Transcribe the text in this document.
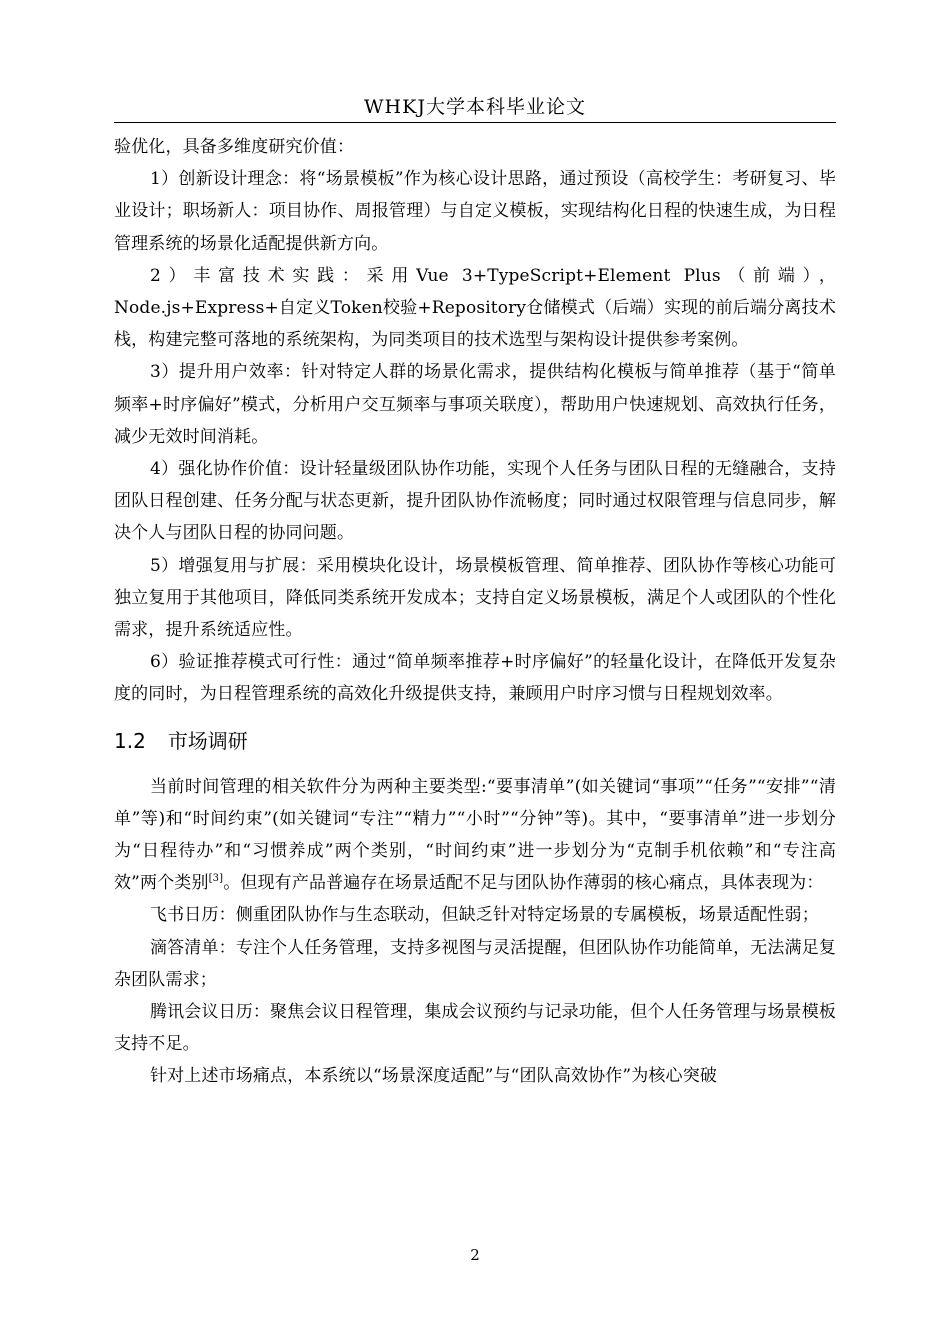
WHKJ大学本科毕业论文

验优化，具备多维度研究价值：

1）创新设计理念：将“场景模板”作为核心设计思路，通过预设（高校学生：考研复习、毕业设计；职场新人：项目协作、周报管理）与自定义模板，实现结构化日程的快速生成，为日程管理系统的场景化适配提供新方向。

2）丰富技术实践：采用Vue 3+TypeScript+Element Plus（前端），Node.js+Express+自定义Token校验+Repository仓储模式（后端）实现的前后端分离技术栈，构建完整可落地的系统架构，为同类项目的技术选型与架构设计提供参考案例。

3）提升用户效率：针对特定人群的场景化需求，提供结构化模板与简单推荐（基于“简单频率+时序偏好”模式，分析用户交互频率与事项关联度），帮助用户快速规划、高效执行任务，减少无效时间消耗。

4）强化协作价值：设计轻量级团队协作功能，实现个人任务与团队日程的无缝融合，支持团队日程创建、任务分配与状态更新，提升团队协作流畅度；同时通过权限管理与信息同步，解决个人与团队日程的协同问题。

5）增强复用与扩展：采用模块化设计，场景模板管理、简单推荐、团队协作等核心功能可独立复用于其他项目，降低同类系统开发成本；支持自定义场景模板，满足个人或团队的个性化需求，提升系统适应性。

6）验证推荐模式可行性：通过“简单频率推荐+时序偏好”的轻量化设计，在降低开发复杂度的同时，为日程管理系统的高效化升级提供支持，兼顾用户时序习惯与日程规划效率。

1.2 市场调研

当前时间管理的相关软件分为两种主要类型:“要事清单”(如关键词“事项”“任务”“安排”“清单”等)和“时间约束”(如关键词“专注”“精力”“小时”“分钟”等)。其中，“要事清单”进一步划分为“日程待办”和“习惯养成”两个类别，“时间约束”进一步划分为“克制手机依赖”和“专注高效”两个类别[3]。但现有产品普遍存在场景适配不足与团队协作薄弱的核心痛点，具体表现为：

飞书日历：侧重团队协作与生态联动，但缺乏针对特定场景的专属模板，场景适配性弱；

滴答清单：专注个人任务管理，支持多视图与灵活提醒，但团队协作功能简单，无法满足复杂团队需求；

腾讯会议日历：聚焦会议日程管理，集成会议预约与记录功能，但个人任务管理与场景模板支持不足。

针对上述市场痛点，本系统以“场景深度适配”与“团队高效协作”为核心突破

2
